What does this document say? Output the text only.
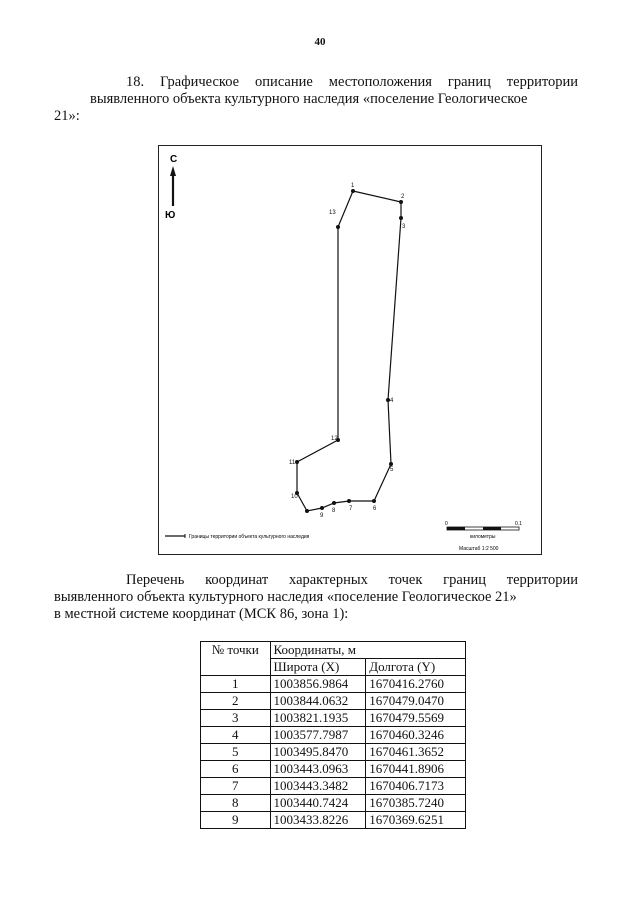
40
18. Графическое описание местоположения границ территории
выявленного объекта культурного наследия «поселение Геологическое

21»:
С
Ю
1
2
3
4
5
6
7
8
9
10
11
12
13
Границы территории объекта культурного наследия
0	0.1
километры
Масштаб 1:2 500
Перечень координат характерных точек границ территории
выявленного объекта культурного наследия «поселение Геологическое 21»
в местной системе координат (МСК 86, зона 1):
№ точки	Координаты, м	
	Широта (X)	Долгота (Y)
1	1003856.9864	1670416.2760
2	1003844.0632	1670479.0470
3	1003821.1935	1670479.5569
4	1003577.7987	1670460.3246
5	1003495.8470	1670461.3652
6	1003443.0963	1670441.8906
7	1003443.3482	1670406.7173
8	1003440.7424	1670385.7240
9	1003433.8226	1670369.6251
